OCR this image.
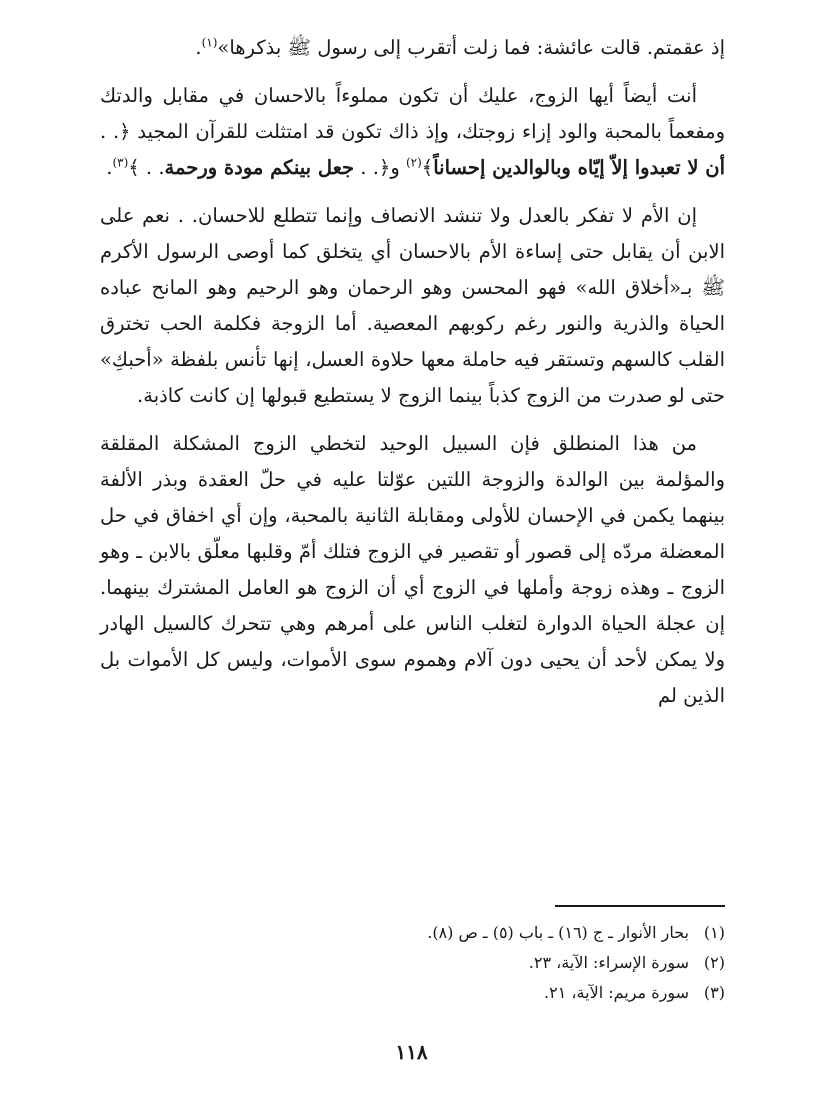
إذ عقمتم. قالت عائشة: فما زلت أتقرب إلى رسول ﷺ بذكرها»$^{(١)}$.

أنت أيضاً أيها الزوج، عليك أن تكون مملوءاً بالاحسان في مقابل والدتك ومفعماً بالمحبة والود إزاء زوجتك، وإذ ذاك تكون قد امتثلت للقرآن المجيد ﴿. . أن لا تعبدوا إلاّ إيّاه وبالوالدين إحساناً﴾$^{(٢)}$ و﴿. . جعل بينكم مودة ورحمة. . ﴾$^{(٣)}$.

إن الأم لا تفكر بالعدل ولا تنشد الانصاف وإنما تتطلع للاحسان. . نعم على الابن أن يقابل حتى إساءة الأم بالاحسان أي يتخلق كما أوصى الرسول الأكرم ﷺ بـ«أخلاق الله» فهو المحسن وهو الرحمان وهو الرحيم وهو المانح عباده الحياة والذرية والنور رغم ركوبهم المعصية. أما الزوجة فكلمة الحب تخترق القلب كالسهم وتستقر فيه حاملة معها حلاوة العسل، إنها تأنس بلفظة «أحبكِ» حتى لو صدرت من الزوج كذباً بينما الزوج لا يستطيع قبولها إن كانت كاذبة.

من هذا المنطلق فإن السبيل الوحيد لتخطي الزوج المشكلة المقلقة والمؤلمة بين الوالدة والزوجة اللتين عوّلتا عليه في حلّ العقدة وبذر الألفة بينهما يكمن في الإحسان للأولى ومقابلة الثانية بالمحبة، وإن أي اخفاق في حل المعضلة مردّه إلى قصور أو تقصير في الزوج فتلك أمّ وقلبها معلّق بالابن ـ وهو الزوج ـ وهذه زوجة وأملها في الزوج أي أن الزوج هو العامل المشترك بينهما. إن عجلة الحياة الدوارة لتغلب الناس على أمرهم وهي تتحرك كالسيل الهادر ولا يمكن لأحد أن يحيى دون آلام وهموم سوى الأموات، وليس كل الأموات بل الذين لم

(١)
بحار الأنوار ـ ج (١٦) ـ باب (٥) ـ ص (٨).
(٢)
سورة الإسراء: الآية، ٢٣.
(٣)
سورة مريم: الآية، ٢١.
١١٨
